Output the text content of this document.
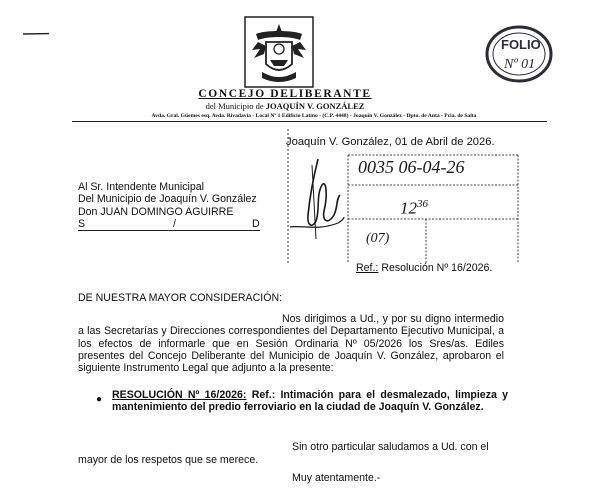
CONCEJO DELIBERANTE
del Municipio de JOAQUÍN V. GONZÁLEZ
Avda. Gral. Güemes esq. Avda. Rivadavia - Local Nº 1 Edificio Latino - (C.P. 4448) - Joaquín V. González - Dpto. de Anta - Pcia. de Salta
FOLIO
Nº 01
Joaquín V. González, 01 de Abril de 2026.
0035 06-04-26
$12^{36}$
(07)
Al Sr. Intendente Municipal
Del Municipio de Joaquín V. González
Don JUAN DOMINGO AGUIRRE
S	/	D
Ref.: Resolución Nº 16/2026.
DE NUESTRA MAYOR CONSIDERACIÓN:
Nos dirigimos a Ud., y por su digno intermedio a las Secretarías y Direcciones correspondientes del Departamento Ejecutivo Municipal, a los efectos de informarle que en Sesión Ordinaria Nº 05/2026 los Sres/as. Ediles presentes del Concejo Deliberante del Municipio de Joaquín V. González, aprobaron el siguiente Instrumento Legal que adjunto a la presente:
● RESOLUCIÓN Nº 16/2026: Ref.: Intimación para el desmalezado, limpieza y mantenimiento del predio ferroviario en la ciudad de Joaquín V. González.
Sin otro particular saludamos a Ud. con el
mayor de los respetos que se merece.
Muy atentamente.-
